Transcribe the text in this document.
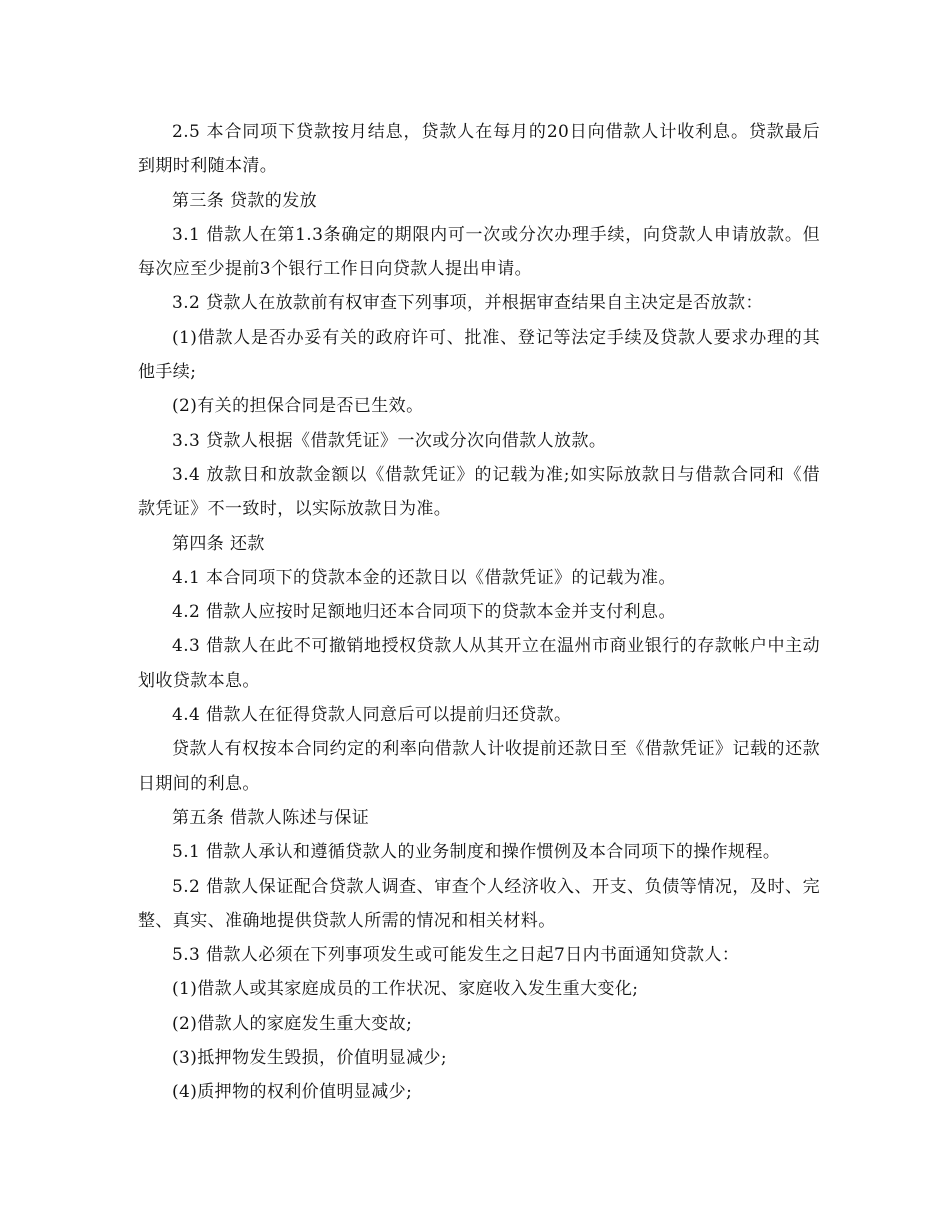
2.5 本合同项下贷款按月结息，贷款人在每月的20日向借款人计收利息。贷款最后到期时利随本清。

第三条 贷款的发放

3.1 借款人在第1.3条确定的期限内可一次或分次办理手续，向贷款人申请放款。但每次应至少提前3个银行工作日向贷款人提出申请。

3.2 贷款人在放款前有权审查下列事项，并根据审查结果自主决定是否放款：

(1)借款人是否办妥有关的政府许可、批准、登记等法定手续及贷款人要求办理的其他手续;

(2)有关的担保合同是否已生效。

3.3 贷款人根据《借款凭证》一次或分次向借款人放款。

3.4 放款日和放款金额以《借款凭证》的记载为准;如实际放款日与借款合同和《借款凭证》不一致时，以实际放款日为准。

第四条 还款

4.1 本合同项下的贷款本金的还款日以《借款凭证》的记载为准。

4.2 借款人应按时足额地归还本合同项下的贷款本金并支付利息。

4.3 借款人在此不可撤销地授权贷款人从其开立在温州市商业银行的存款帐户中主动划收贷款本息。

4.4 借款人在征得贷款人同意后可以提前归还贷款。

贷款人有权按本合同约定的利率向借款人计收提前还款日至《借款凭证》记载的还款日期间的利息。

第五条 借款人陈述与保证

5.1 借款人承认和遵循贷款人的业务制度和操作惯例及本合同项下的操作规程。

5.2 借款人保证配合贷款人调查、审查个人经济收入、开支、负债等情况，及时、完整、真实、准确地提供贷款人所需的情况和相关材料。

5.3 借款人必须在下列事项发生或可能发生之日起7日内书面通知贷款人：

(1)借款人或其家庭成员的工作状况、家庭收入发生重大变化;

(2)借款人的家庭发生重大变故;

(3)抵押物发生毁损，价值明显减少;

(4)质押物的权利价值明显减少;
